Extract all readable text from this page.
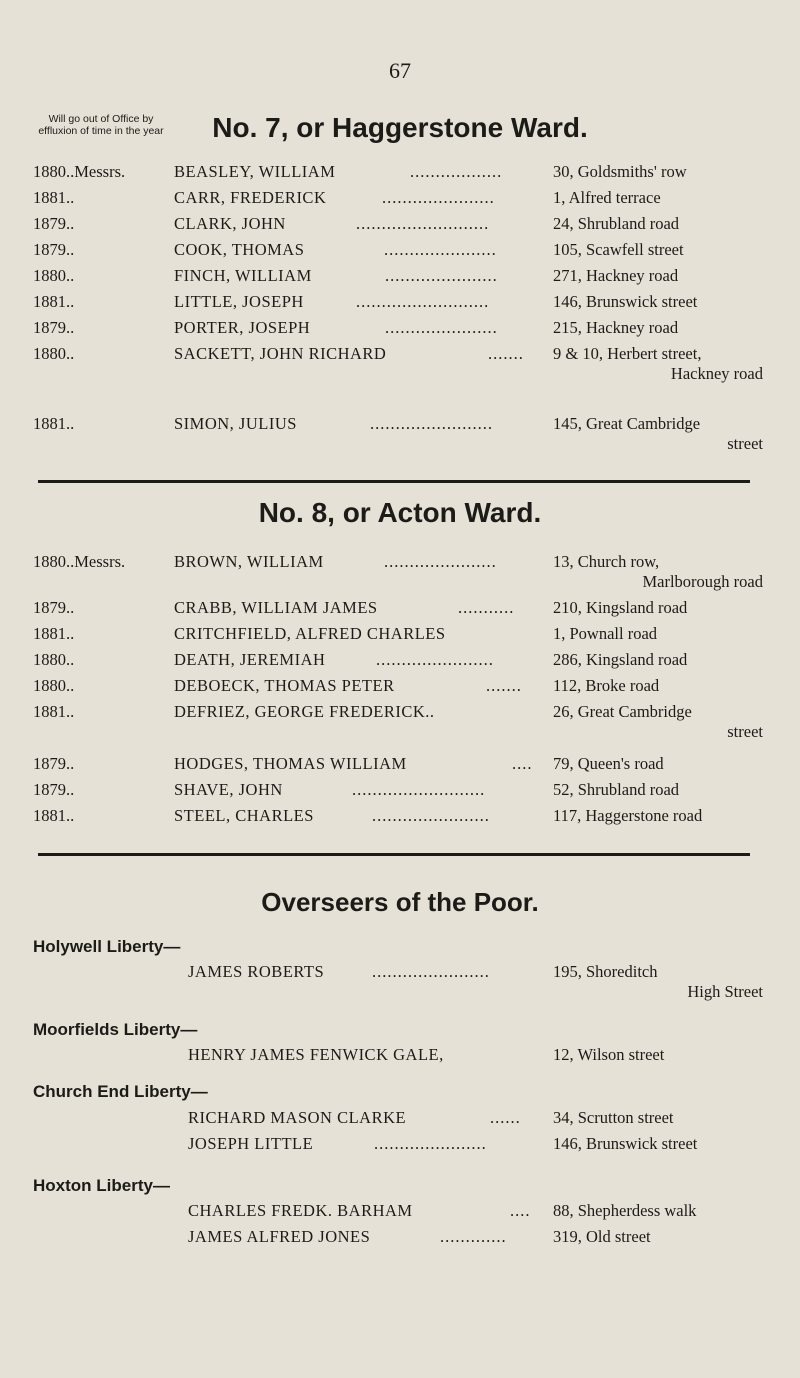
67
Will go out of Office by effluxion of time in the year	No. 7, or Haggerstone Ward.
1880..Messrs.	BEASLEY, WILLIAM	..................	30, Goldsmiths' row
1881..	CARR, FREDERICK	......................	1, Alfred terrace
1879..	CLARK, JOHN	..........................	24, Shrubland road
1879..	COOK, THOMAS	......................	105, Scawfell street
1880..	FINCH, WILLIAM	......................	271, Hackney road
1881..	LITTLE, JOSEPH	..........................	146, Brunswick street
1879..	PORTER, JOSEPH	......................	215, Hackney road
1880..	SACKETT, JOHN RICHARD	.......	9 & 10, Herbert street,
Hackney road
1881..	SIMON, JULIUS	........................	145, Great Cambridge
street
No. 8, or Acton Ward.
1880..Messrs.	BROWN, WILLIAM	......................	13, Church row,
Marlborough road
1879..	CRABB, WILLIAM JAMES	...........	210, Kingsland road
1881..	CRITCHFIELD, ALFRED CHARLES	1, Pownall road
1880..	DEATH, JEREMIAH	.......................	286, Kingsland road
1880..	DEBOECK, THOMAS PETER	.......	112, Broke road
1881..	DEFRIEZ, GEORGE FREDERICK..	26, Great Cambridge
street
1879..	HODGES, THOMAS WILLIAM	....	79, Queen's road
1879..	SHAVE, JOHN	..........................	52, Shrubland road
1881..	STEEL, CHARLES	.......................	117, Haggerstone road
Overseers of the Poor.
Holywell Liberty—
JAMES ROBERTS	.......................	195, Shoreditch
High Street
Moorfields Liberty—
HENRY JAMES FENWICK GALE,	12, Wilson street
Church End Liberty—
RICHARD MASON CLARKE	......	34, Scrutton street
JOSEPH LITTLE	......................	146, Brunswick street
Hoxton Liberty—
CHARLES FREDK. BARHAM	....	88, Shepherdess walk
JAMES ALFRED JONES	.............	319, Old street
